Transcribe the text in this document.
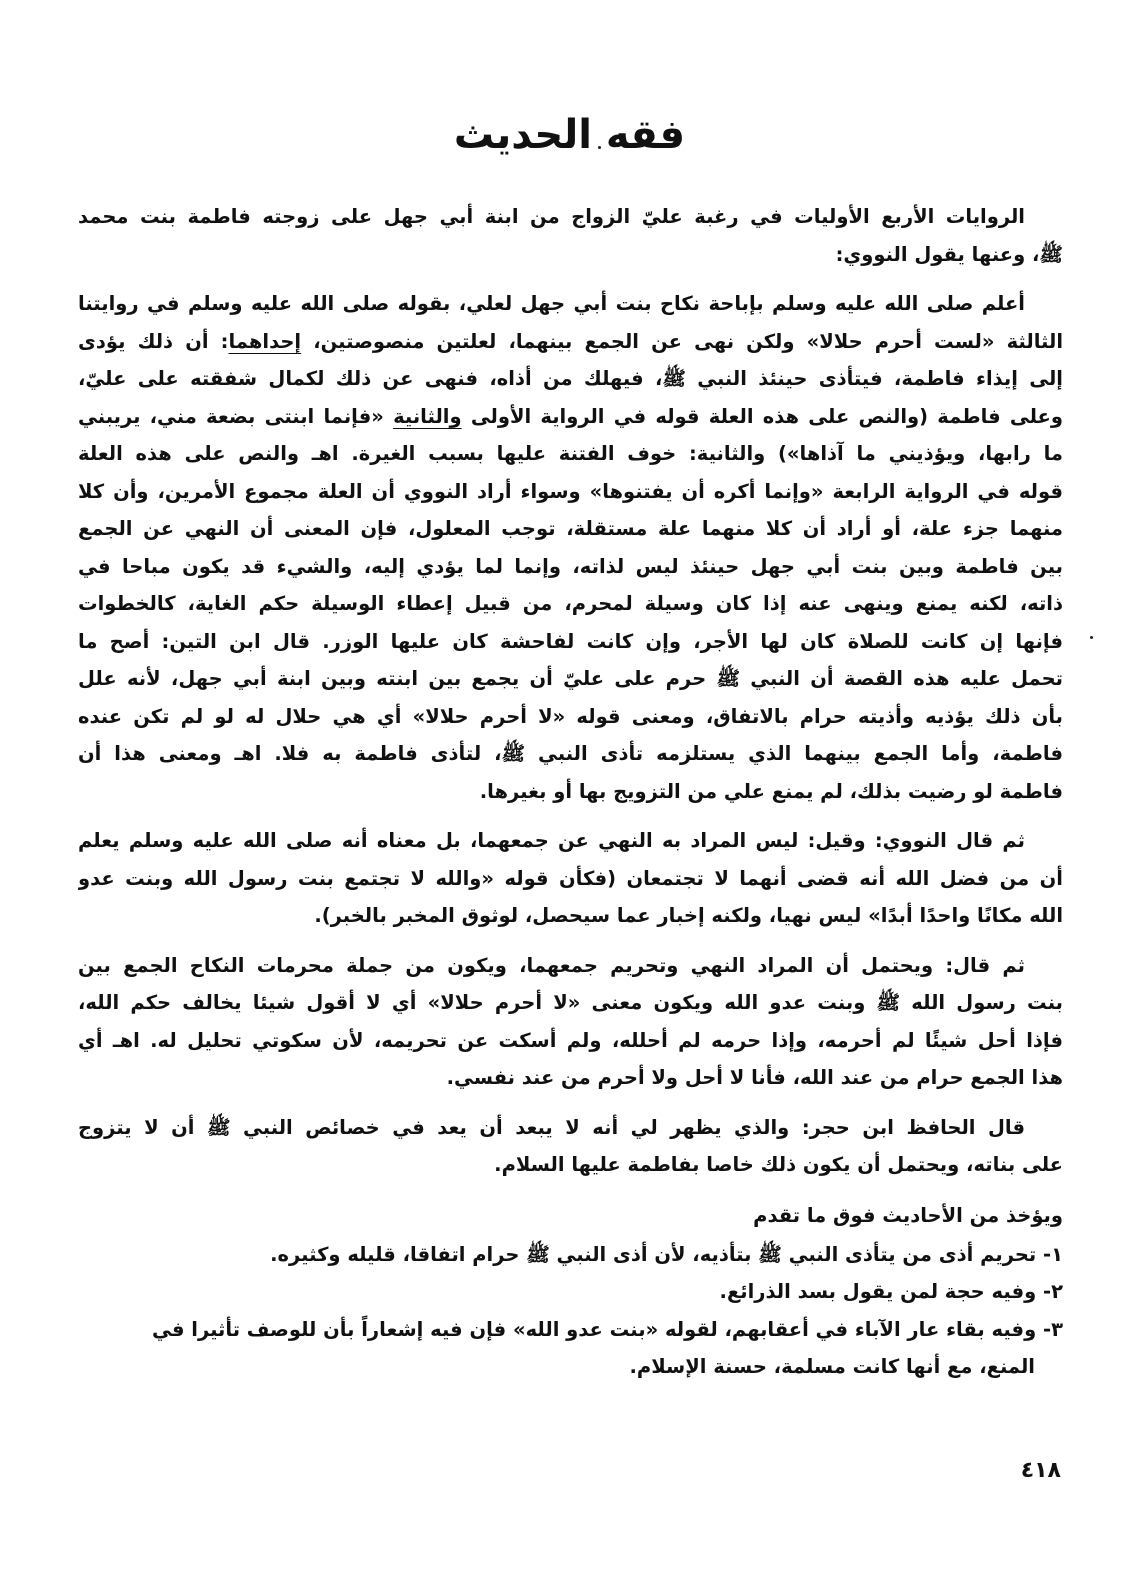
فقه الحديث
الروايات الأربع الأوليات في رغبة عليّ الزواج من ابنة أبي جهل على زوجته فاطمة بنت محمد
ﷺ، وعنها يقول النووي:
أعلم صلى الله عليه وسلم بإباحة نكاح بنت أبي جهل لعلي، بقوله صلى الله عليه وسلم في روايتنا
الثالثة «لست أحرم حلالا» ولكن نهى عن الجمع بينهما، لعلتين منصوصتين، إحداهما: أن ذلك يؤدى
إلى إيذاء فاطمة، فيتأذى حينئذ النبي ﷺ، فيهلك من أذاه، فنهى عن ذلك لكمال شفقته على عليّ،
وعلى فاطمة (والنص على هذه العلة قوله في الرواية الأولى والثانية «فإنما ابنتى بضعة مني، يريبني
ما رابها، ويؤذيني ما آذاها») والثانية: خوف الفتنة عليها بسبب الغيرة. اهـ والنص على هذه العلة
قوله في الرواية الرابعة «وإنما أكره أن يفتنوها» وسواء أراد النووي أن العلة مجموع الأمرين، وأن كلا
منهما جزء علة، أو أراد أن كلا منهما علة مستقلة، توجب المعلول، فإن المعنى أن النهي عن الجمع
بين فاطمة وبين بنت أبي جهل حينئذ ليس لذاته، وإنما لما يؤدي إليه، والشيء قد يكون مباحا في
ذاته، لكنه يمنع وينهى عنه إذا كان وسيلة لمحرم، من قبيل إعطاء الوسيلة حكم الغاية، كالخطوات
فإنها إن كانت للصلاة كان لها الأجر، وإن كانت لفاحشة كان عليها الوزر. قال ابن التين: أصح ما
تحمل عليه هذه القصة أن النبي ﷺ حرم على عليّ أن يجمع بين ابنته وبين ابنة أبي جهل، لأنه علل
بأن ذلك يؤذيه وأذيته حرام بالاتفاق، ومعنى قوله «لا أحرم حلالا» أي هي حلال له لو لم تكن عنده
فاطمة، وأما الجمع بينهما الذي يستلزمه تأذى النبي ﷺ، لتأذى فاطمة به فلا. اهـ ومعنى هذا أن
فاطمة لو رضيت بذلك، لم يمنع علي من التزويج بها أو بغيرها.
ثم قال النووي: وقيل: ليس المراد به النهي عن جمعهما، بل معناه أنه صلى الله عليه وسلم يعلم
أن من فضل الله أنه قضى أنهما لا تجتمعان (فكأن قوله «والله لا تجتمع بنت رسول الله وبنت عدو
الله مكانًا واحدًا أبدًا» ليس نهيا، ولكنه إخبار عما سيحصل، لوثوق المخبر بالخبر).
ثم قال: ويحتمل أن المراد النهي وتحريم جمعهما، ويكون من جملة محرمات النكاح الجمع بين
بنت رسول الله ﷺ وبنت عدو الله ويكون معنى «لا أحرم حلالا» أي لا أقول شيئا يخالف حكم الله،
فإذا أحل شيئًا لم أحرمه، وإذا حرمه لم أحلله، ولم أسكت عن تحريمه، لأن سكوتي تحليل له. اهـ أي
هذا الجمع حرام من عند الله، فأنا لا أحل ولا أحرم من عند نفسي.
قال الحافظ ابن حجر: والذي يظهر لي أنه لا يبعد أن يعد في خصائص النبي ﷺ أن لا يتزوج
على بناته، ويحتمل أن يكون ذلك خاصا بفاطمة عليها السلام.
ويؤخذ من الأحاديث فوق ما تقدم
١- تحريم أذى من يتأذى النبي ﷺ بتأذيه، لأن أذى النبي ﷺ حرام اتفاقا، قليله وكثيره.
٢- وفيه حجة لمن يقول بسد الذرائع.
٣- وفيه بقاء عار الآباء في أعقابهم، لقوله «بنت عدو الله» فإن فيه إشعاراً بأن للوصف تأثيرا في
المنع، مع أنها كانت مسلمة، حسنة الإسلام.
٤١٨
